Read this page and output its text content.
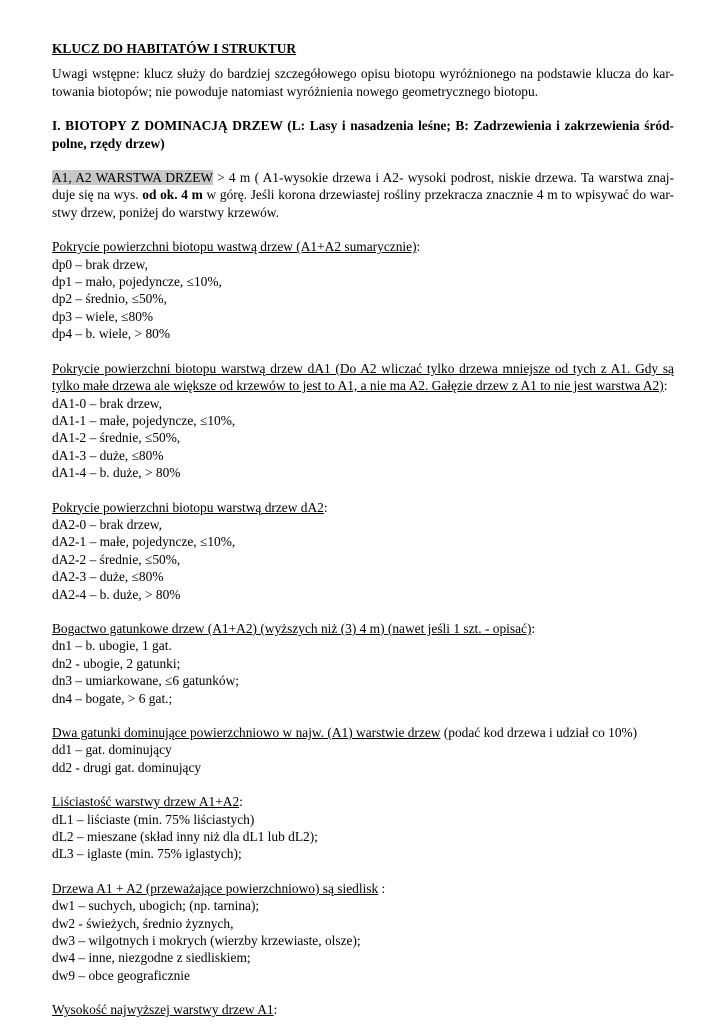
KLUCZ DO HABITATÓW I STRUKTUR

Uwagi wstępne: klucz służy do bardziej szczegółowego opisu biotopu wyróżnionego na podstawie klucza do kar-towania biotopów; nie powoduje natomiast wyróżnienia nowego geometrycznego biotopu.

I. BIOTOPY Z DOMINACJĄ DRZEW (L: Lasy i nasadzenia leśne; B: Zadrzewienia i zakrzewienia śród-polne, rzędy drzew)

A1, A2 WARSTWA DRZEW > 4 m ( A1-wysokie drzewa i A2- wysoki podrost, niskie drzewa. Ta warstwa znaj-duje się na wys. od ok. 4 m w górę. Jeśli korona drzewiastej rośliny przekracza znacznie 4 m to wpisywać do war-stwy drzew, poniżej do warstwy krzewów.

Pokrycie powierzchni biotopu wastwą drzew (A1+A2 sumarycznie):

dp0 – brak drzew,
dp1 – mało, pojedyncze, ≤10%,
dp2 – średnio, ≤50%,
dp3 – wiele, ≤80%
dp4 – b. wiele, > 80%

Pokrycie powierzchni biotopu warstwą drzew dA1 (Do A2 wliczać tylko drzewa mniejsze od tych z A1. Gdy są tylko małe drzewa ale większe od krzewów to jest to A1, a nie ma A2. Gałęzie drzew z A1 to nie jest warstwa A2):

dA1-0 – brak drzew,
dA1-1 – małe, pojedyncze, ≤10%,
dA1-2 – średnie, ≤50%,
dA1-3 – duże, ≤80%
dA1-4 – b. duże, > 80%

Pokrycie powierzchni biotopu warstwą drzew dA2:

dA2-0 – brak drzew,
dA2-1 – małe, pojedyncze, ≤10%,
dA2-2 – średnie, ≤50%,
dA2-3 – duże, ≤80%
dA2-4 – b. duże, > 80%

Bogactwo gatunkowe drzew (A1+A2) (wyższych niż (3) 4 m) (nawet jeśli 1 szt. - opisać):

dn1 – b. ubogie, 1 gat.
dn2 - ubogie, 2 gatunki;
dn3 – umiarkowane, ≤6 gatunków;
dn4 – bogate, > 6 gat.;

Dwa gatunki dominujące powierzchniowo w najw. (A1) warstwie drzew (podać kod drzewa i udział co 10%)

dd1 – gat. dominujący
dd2 - drugi gat. dominujący

Liściastość warstwy drzew A1+A2:

dL1 – liściaste (min. 75% liściastych)
dL2 – mieszane (skład inny niż dla dL1 lub dL2);
dL3 – iglaste (min. 75% iglastych);

Drzewa A1 + A2 (przeważające powierzchniowo) są siedlisk :

dw1 – suchych, ubogich; (np. tarnina);
dw2 - świeżych, średnio żyznych,
dw3 – wilgotnych i mokrych (wierzby krzewiaste, olsze);
dw4 – inne, niezgodne z siedliskiem;
dw9 – obce geograficznie

Wysokość najwyższej warstwy drzew A1:
